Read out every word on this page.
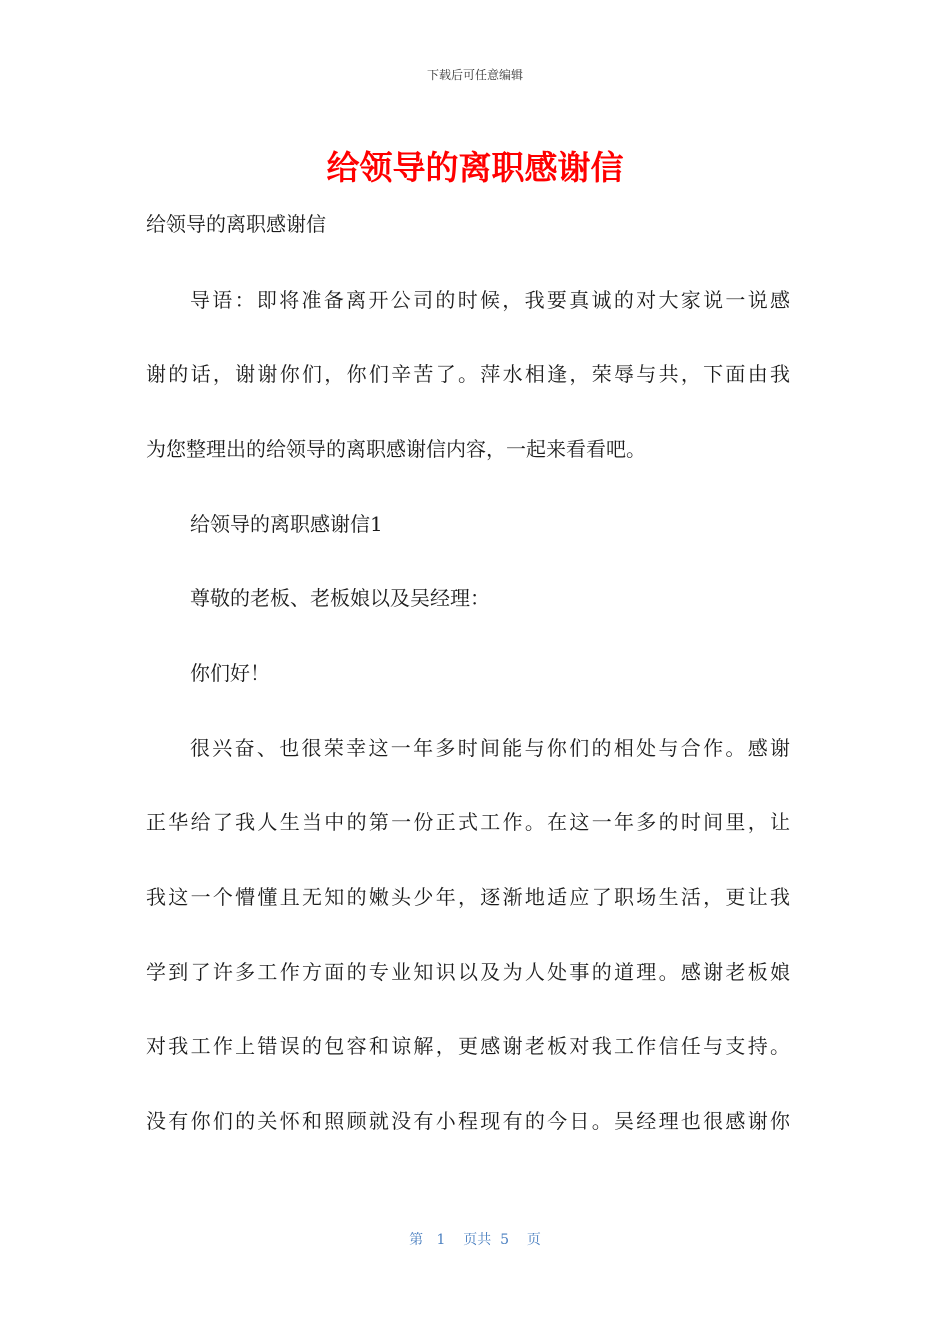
下载后可任意编辑
给领导的离职感谢信
给领导的离职感谢信
导语：即将准备离开公司的时候，我要真诚的对大家说一说感
谢的话，谢谢你们，你们辛苦了。萍水相逢，荣辱与共，下面由我
为您整理出的给领导的离职感谢信内容，一起来看看吧。
给领导的离职感谢信1
尊敬的老板、老板娘以及吴经理：
你们好！
很兴奋、也很荣幸这一年多时间能与你们的相处与合作。感谢
正华给了我人生当中的第一份正式工作。在这一年多的时间里，让
我这一个懵懂且无知的嫩头少年，逐渐地适应了职场生活，更让我
学到了许多工作方面的专业知识以及为人处事的道理。感谢老板娘
对我工作上错误的包容和谅解，更感谢老板对我工作信任与支持。
没有你们的关怀和照顾就没有小程现有的今日。吴经理也很感谢你
第   1    页共  5    页
